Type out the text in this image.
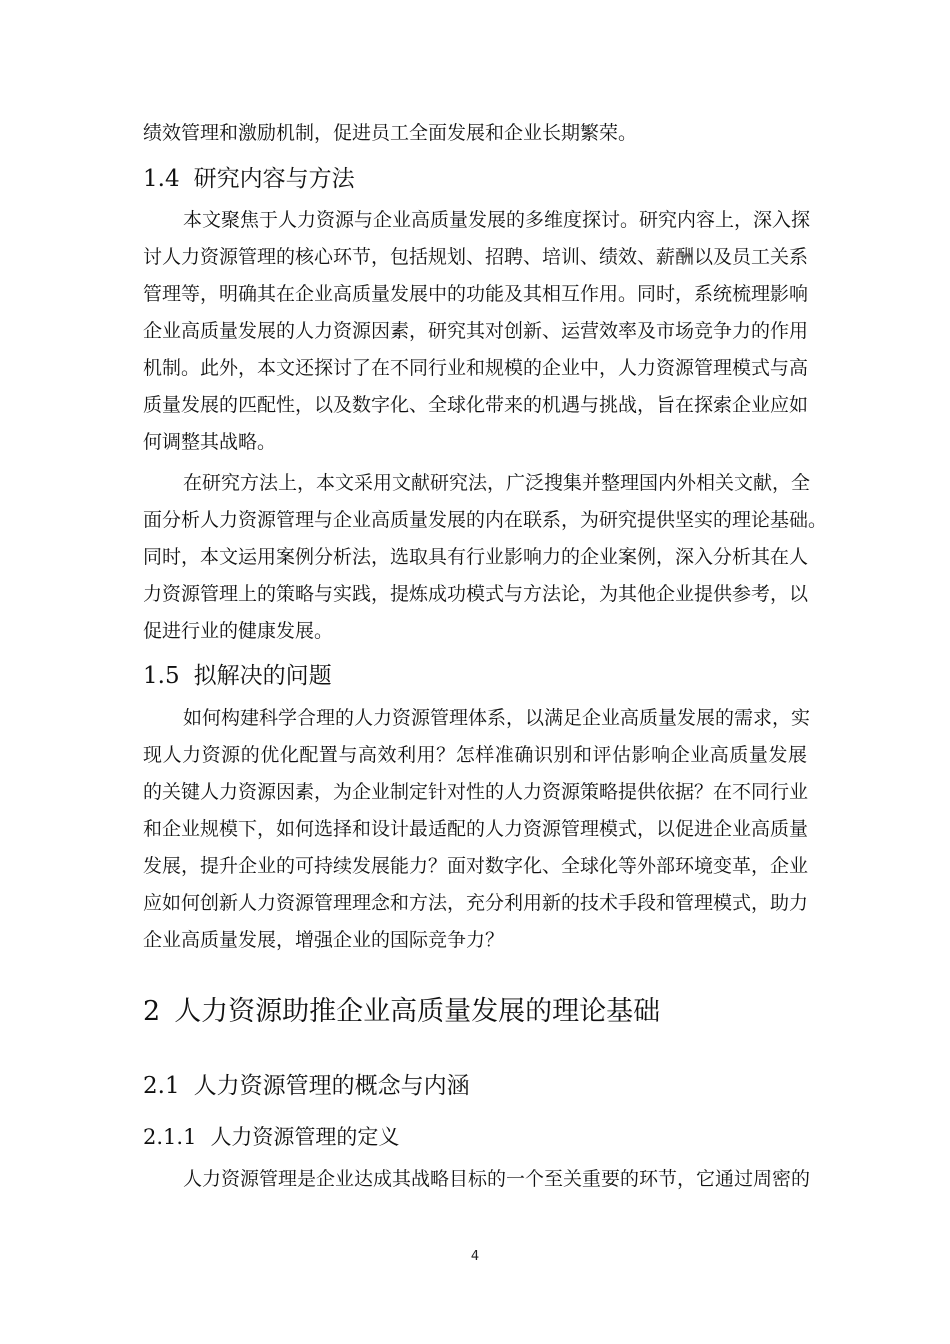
绩效管理和激励机制，促进员工全面发展和企业长期繁荣。

1.4 研究内容与方法

本文聚焦于人力资源与企业高质量发展的多维度探讨。研究内容上，深入探

讨人力资源管理的核心环节，包括规划、招聘、培训、绩效、薪酬以及员工关系

管理等，明确其在企业高质量发展中的功能及其相互作用。同时，系统梳理影响

企业高质量发展的人力资源因素，研究其对创新、运营效率及市场竞争力的作用

机制。此外，本文还探讨了在不同行业和规模的企业中，人力资源管理模式与高

质量发展的匹配性，以及数字化、全球化带来的机遇与挑战，旨在探索企业应如

何调整其战略。

在研究方法上，本文采用文献研究法，广泛搜集并整理国内外相关文献，全

面分析人力资源管理与企业高质量发展的内在联系，为研究提供坚实的理论基础。

同时，本文运用案例分析法，选取具有行业影响力的企业案例，深入分析其在人

力资源管理上的策略与实践，提炼成功模式与方法论，为其他企业提供参考，以

促进行业的健康发展。

1.5 拟解决的问题

如何构建科学合理的人力资源管理体系，以满足企业高质量发展的需求，实

现人力资源的优化配置与高效利用？怎样准确识别和评估影响企业高质量发展

的关键人力资源因素，为企业制定针对性的人力资源策略提供依据？在不同行业

和企业规模下，如何选择和设计最适配的人力资源管理模式，以促进企业高质量

发展，提升企业的可持续发展能力？面对数字化、全球化等外部环境变革，企业

应如何创新人力资源管理理念和方法，充分利用新的技术手段和管理模式，助力

企业高质量发展，增强企业的国际竞争力？

2 人力资源助推企业高质量发展的理论基础
2.1 人力资源管理的概念与内涵
2.1.1 人力资源管理的定义

人力资源管理是企业达成其战略目标的一个至关重要的环节，它通过周密的

4
